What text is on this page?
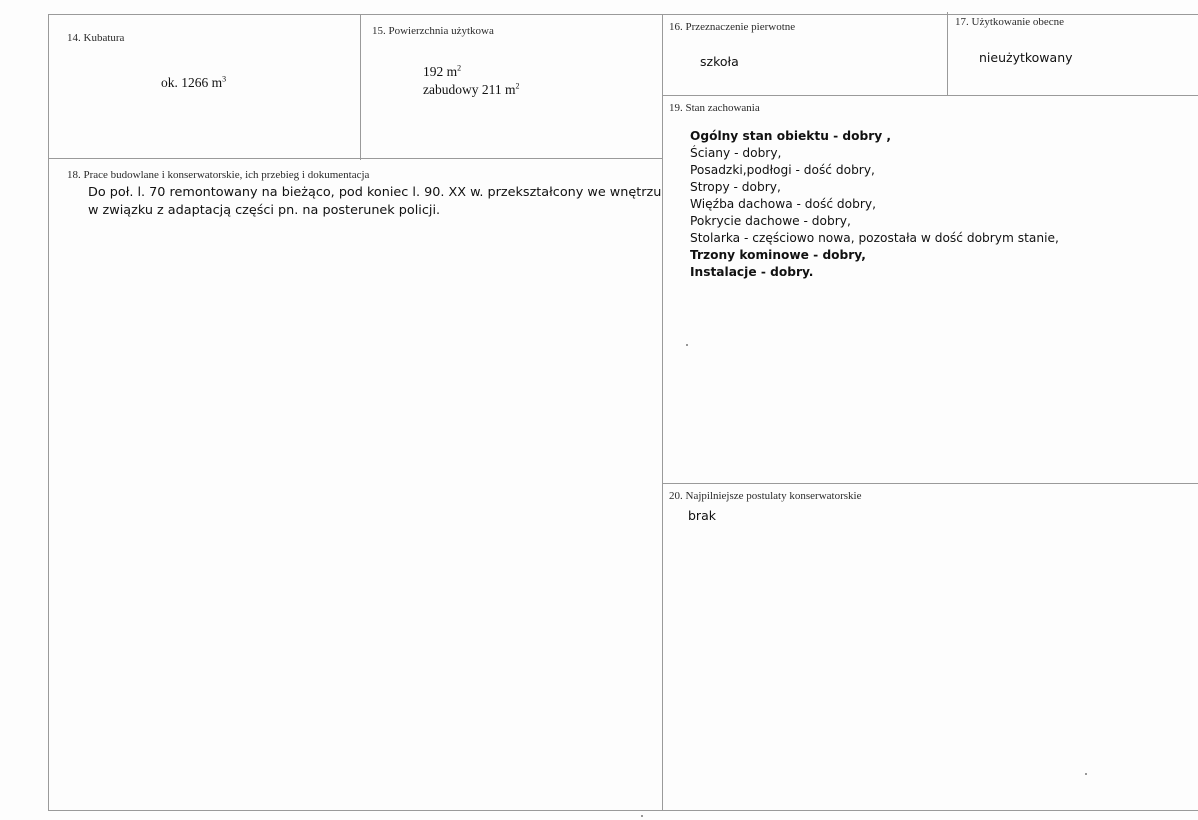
14. Kubatura
ok. 1266 $m^3$
15. Powierzchnia użytkowa
192 $m^2$
zabudowy 211 $m^2$
16. Przeznaczenie pierwotne
szkoła
17. Użytkowanie obecne
nieużytkowany
18. Prace budowlane i konserwatorskie, ich przebieg i dokumentacja
Do poł. l. 70 remontowany na bieżąco, pod koniec l. 90. XX w. przekształcony we wnętrzu
w związku z adaptacją części pn. na posterunek policji.
19. Stan zachowania
Ogólny stan obiektu - dobry ,
Ściany - dobry,
Posadzki,podłogi - dość dobry,
Stropy - dobry,
Więźba dachowa - dość dobry,
Pokrycie dachowe - dobry,
Stolarka - częściowo nowa, pozostała w dość dobrym stanie,
Trzony kominowe - dobry,
Instalacje - dobry.
20. Najpilniejsze postulaty konserwatorskie
brak
